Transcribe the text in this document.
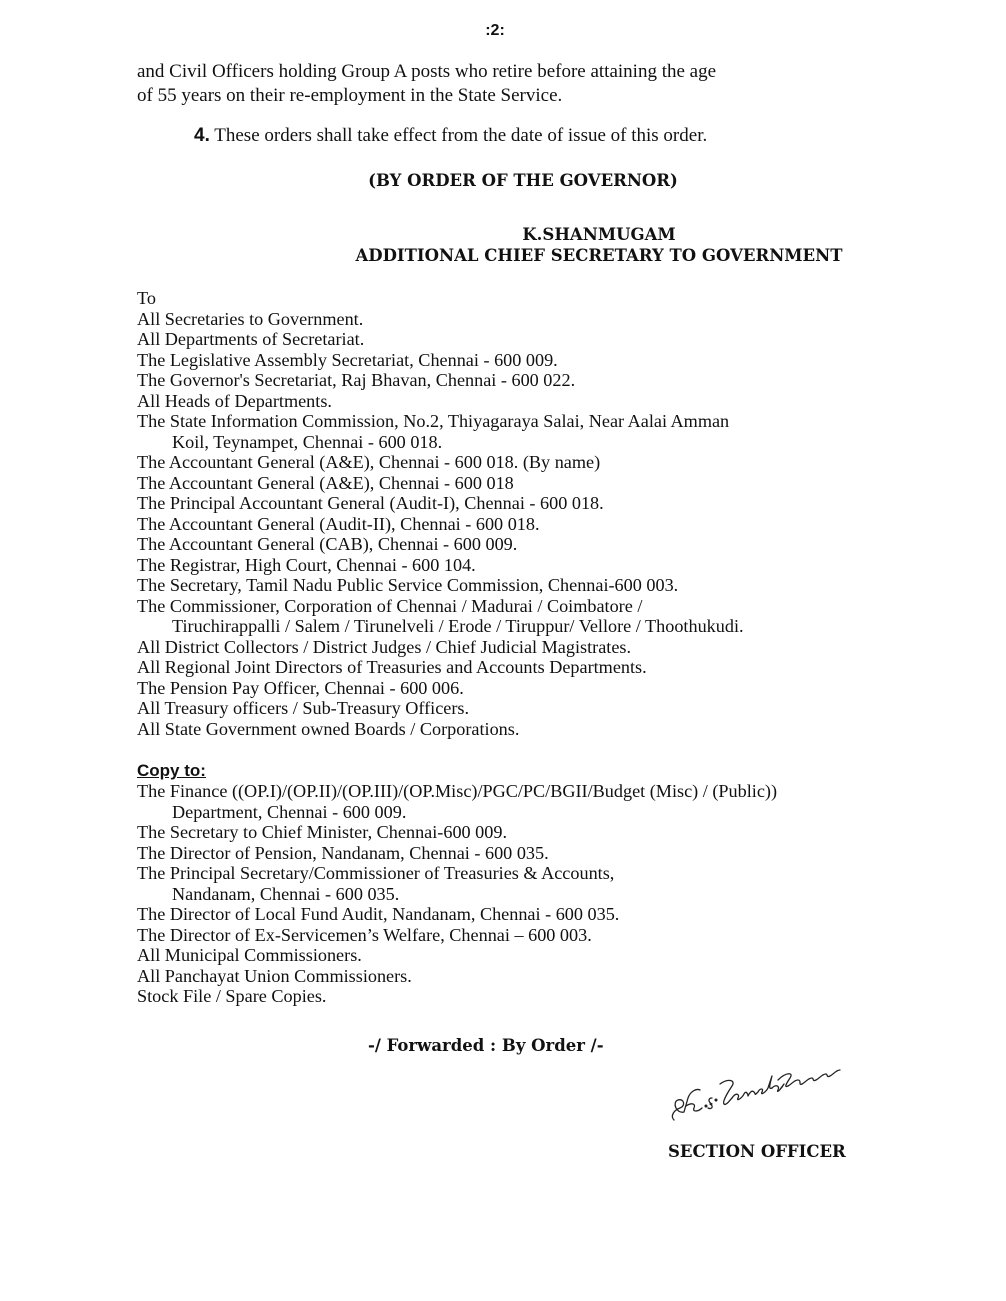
:2:
and Civil Officers holding Group A posts who retire before attaining the age
of 55 years on their re-employment in the State Service.
4. These orders shall take effect from the date of issue of this order.
(BY ORDER OF THE GOVERNOR)
K.SHANMUGAM
ADDITIONAL CHIEF SECRETARY TO GOVERNMENT
To
All Secretaries to Government.
All Departments of Secretariat.
The Legislative Assembly Secretariat, Chennai - 600 009.
The Governor's Secretariat, Raj Bhavan, Chennai - 600 022.
All Heads of Departments.
The State Information Commission, No.2, Thiyagaraya Salai, Near Aalai Amman
Koil, Teynampet, Chennai - 600 018.
The Accountant General (A&E), Chennai - 600 018. (By name)
The Accountant General (A&E), Chennai - 600 018
The Principal Accountant General (Audit-I), Chennai - 600 018.
The Accountant General (Audit-II), Chennai - 600 018.
The Accountant General (CAB), Chennai - 600 009.
The Registrar, High Court, Chennai - 600 104.
The Secretary, Tamil Nadu Public Service Commission, Chennai-600 003.
The Commissioner, Corporation of Chennai / Madurai / Coimbatore /
Tiruchirappalli / Salem / Tirunelveli / Erode / Tiruppur/ Vellore / Thoothukudi.
All District Collectors / District Judges / Chief Judicial Magistrates.
All Regional Joint Directors of Treasuries and Accounts Departments.
The Pension Pay Officer, Chennai - 600 006.
All Treasury officers / Sub-Treasury Officers.
All State Government owned Boards / Corporations.
Copy to:
The Finance ((OP.I)/(OP.II)/(OP.III)/(OP.Misc)/PGC/PC/BGII/Budget (Misc) / (Public))
Department, Chennai - 600 009.
The Secretary to Chief Minister, Chennai-600 009.
The Director of Pension, Nandanam, Chennai - 600 035.
The Principal Secretary/Commissioner of Treasuries & Accounts,
Nandanam, Chennai - 600 035.
The Director of Local Fund Audit, Nandanam, Chennai - 600 035.
The Director of Ex-Servicemen’s Welfare, Chennai – 600 003.
All Municipal Commissioners.
All Panchayat Union Commissioners.
Stock File / Spare Copies.
-/ Forwarded : By Order /-
SECTION OFFICER
